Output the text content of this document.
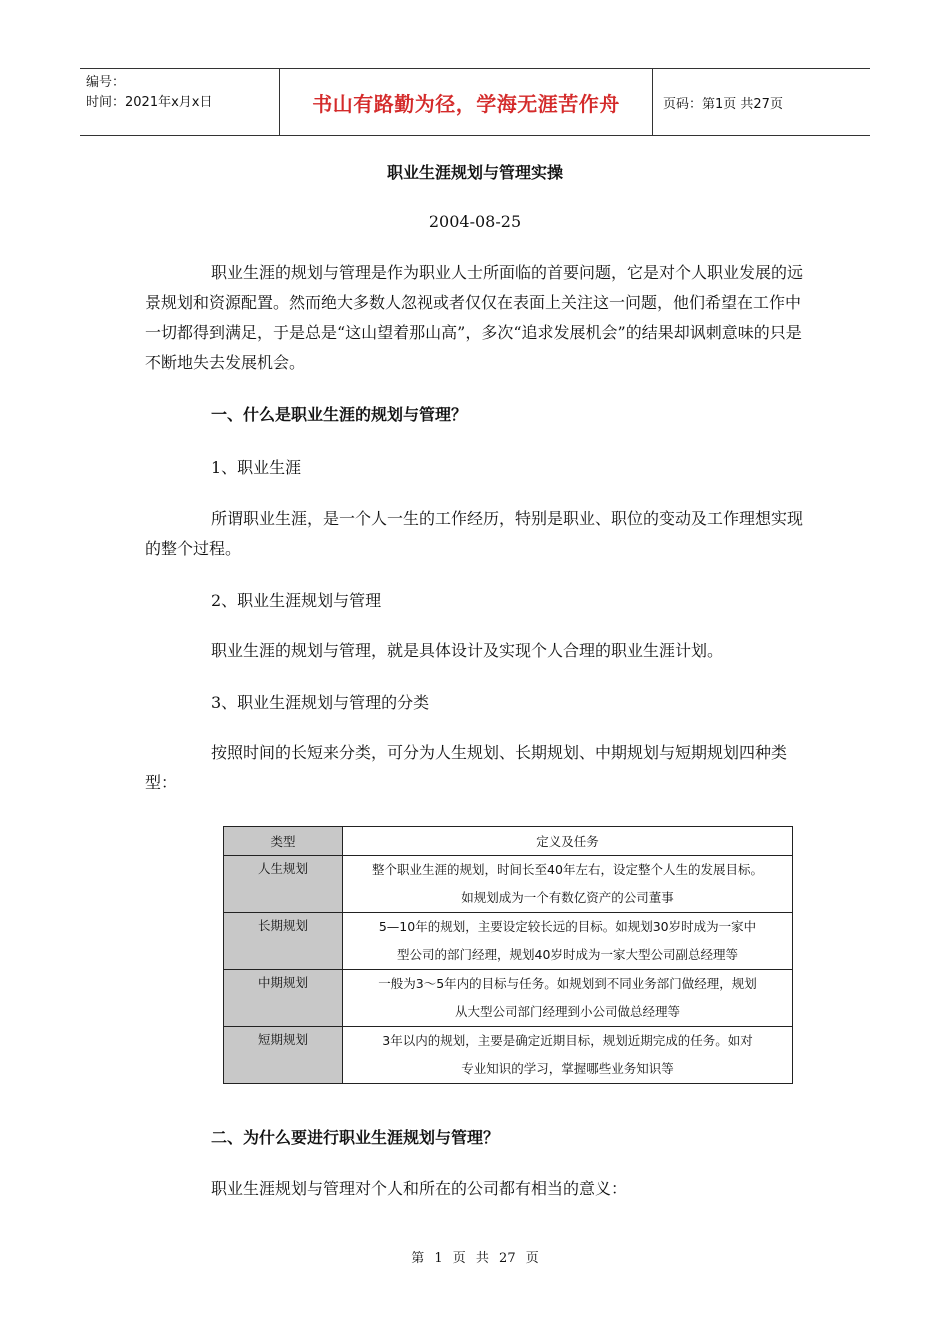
编号：
时间：2021年x月x日	书山有路勤为径，学海无涯苦作舟	页码：第1页 共27页
职业生涯规划与管理实操
2004-08-25

职业生涯的规划与管理是作为职业人士所面临的首要问题，它是对个人职业发展的远景规划和资源配置。然而绝大多数人忽视或者仅仅在表面上关注这一问题，他们希望在工作中一切都得到满足，于是总是“这山望着那山高”，多次“追求发展机会”的结果却讽刺意味的只是不断地失去发展机会。

一、什么是职业生涯的规划与管理？

1、职业生涯

所谓职业生涯，是一个人一生的工作经历，特别是职业、职位的变动及工作理想实现的整个过程。

2、职业生涯规划与管理

职业生涯的规划与管理，就是具体设计及实现个人合理的职业生涯计划。

3、职业生涯规划与管理的分类

按照时间的长短来分类，可分为人生规划、长期规划、中期规划与短期规划四种类型：

类型	定义及任务
人生规划	整个职业生涯的规划，时间长至40年左右，设定整个人生的发展目标。
如规划成为一个有数亿资产的公司董事

长期规划	5—10年的规划，主要设定较长远的目标。如规划30岁时成为一家中
型公司的部门经理，规划40岁时成为一家大型公司副总经理等

中期规划	一般为3～5年内的目标与任务。如规划到不同业务部门做经理，规划
从大型公司部门经理到小公司做总经理等

短期规划	3年以内的规划，主要是确定近期目标，规划近期完成的任务。如对
专业知识的学习，掌握哪些业务知识等

二、为什么要进行职业生涯规划与管理？

职业生涯规划与管理对个人和所在的公司都有相当的意义：

第 1 页 共 27 页
